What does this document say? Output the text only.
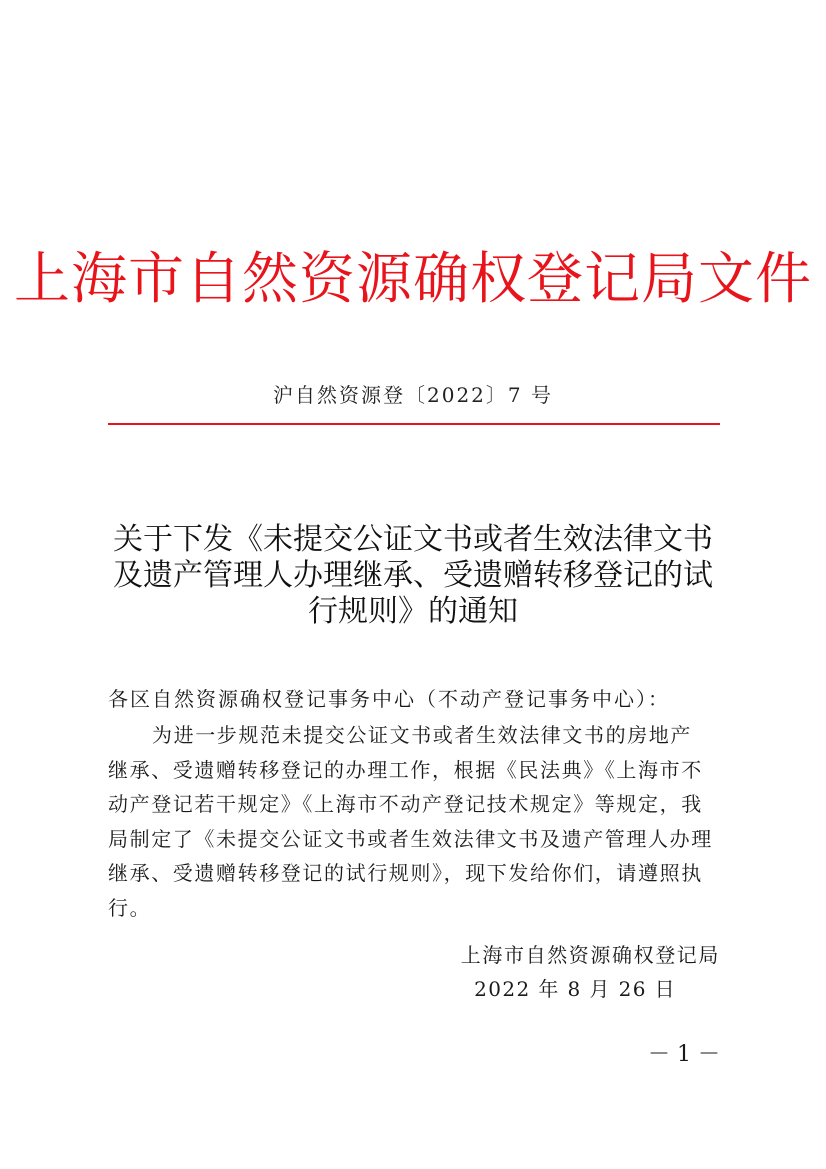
上海市自然资源确权登记局文件
沪自然资源登〔2022〕7 号
关于下发《未提交公证文书或者生效法律文书
及遗产管理人办理继承、受遗赠转移登记的试
行规则》的通知
各区自然资源确权登记事务中心（不动产登记事务中心）：
为进一步规范未提交公证文书或者生效法律文书的房地产
继承、受遗赠转移登记的办理工作，根据《民法典》《上海市不
动产登记若干规定》《上海市不动产登记技术规定》等规定，我
局制定了《未提交公证文书或者生效法律文书及遗产管理人办理
继承、受遗赠转移登记的试行规则》，现下发给你们，请遵照执
行。
上海市自然资源确权登记局
2022 年 8 月 26 日
－ 1 －
